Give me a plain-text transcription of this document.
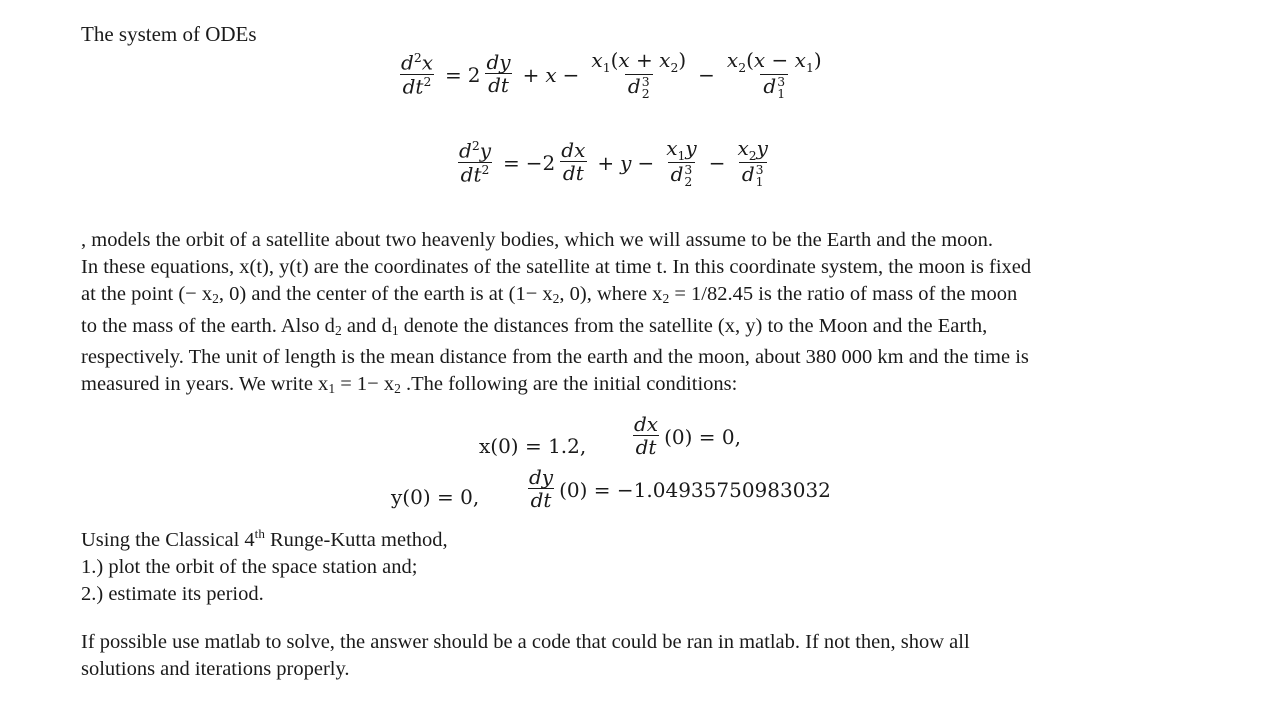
The system of ODEs
$\frac{d^2x}{dt^2} = 2 \frac{dy}{dt} + x - x_1(x + x_2)$
d 3
$2 - x_2(x - x_1)$
d 3
1
$\frac{d^2y}{dt^2} = -2 \frac{dx}{dt} + y - x_1y$
d 3
$2 - x_2y$
d 3
1
, models the orbit of a satellite about two heavenly bodies, which we will assume to be the Earth and the moon.
In these equations, x(t), y(t) are the coordinates of the satellite at time t. In this coordinate system, the moon is fixed
at the point (− $x_2$, 0) and the center of the earth is at ($1- x_2$, 0), where $x_2 = 1/82.45$ is the ratio of mass of the moon
to the mass of the earth. Also $d_2$ and $d_1$ denote the distances from the satellite (x, y) to the Moon and the Earth,
respectively. The unit of length is the mean distance from the earth and the moon, about 380 000 km and the time is
measured in years. We write $x_1 = 1- x_2$ .The following are the initial conditions:
x(0) = 1.2, $\frac{dx}{dt} (0) = 0$,
y(0) = 0, $\frac{dy}{dt} (0) = -1.04935750983032$
Using the Classical 4th Runge-Kutta method,
1.) plot the orbit of the space station and;
2.) estimate its period.
If possible use matlab to solve, the answer should be a code that could be ran in matlab. If not then, show all
solutions and iterations properly.
